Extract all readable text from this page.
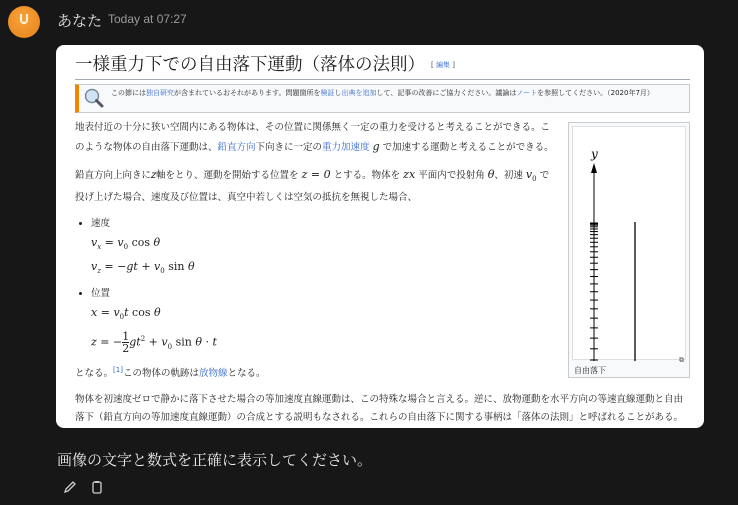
あなた Today at 07:27
一様重力下での自由落下運動（落体の法則） [ 編集 ]
この節には独自研究が含まれているおそれがあります。問題箇所を検証し出典を追加して、記事の改善にご協力ください。議論はノートを参照してください。（2020年7月）
y
自由落下
⧉

地表付近の十分に狭い空間内にある物体は、その位置に関係無く一定の重力を受けると考えることができる。このような物体の自由落下運動は、鉛直方向下向きに一定の重力加速度 g で加速する運動と考えることができる。

鉛直方向上向きにz軸をとり、運動を開始する位置を z = 0 とする。物体を zx 平面内で投射角 θ、初速 $v_0$ で投げ上げた場合、速度及び位置は、真空中若しくは空気の抵抗を無視した場合、

• 速度
$v_x = v_0$ cos θ
$v_z = -gt + v_0$ sin θ
• 位置
$x = v_0t$ cos θ
z = − $\frac{1}{2} gt^2 + v_0$ sin θ · t

となる。[1]この物体の軌跡は放物線となる。

物体を初速度ゼロで静かに落下させた場合の等加速度直線運動は、この特殊な場合と言える。逆に、放物運動を水平方向の等速直線運動と自由落下（鉛直方向の等加速度直線運動）の合成とする説明もなされる。これらの自由落下に関する事柄は「落体の法則」と呼ばれることがある。

画像の文字と数式を正確に表示してください。
